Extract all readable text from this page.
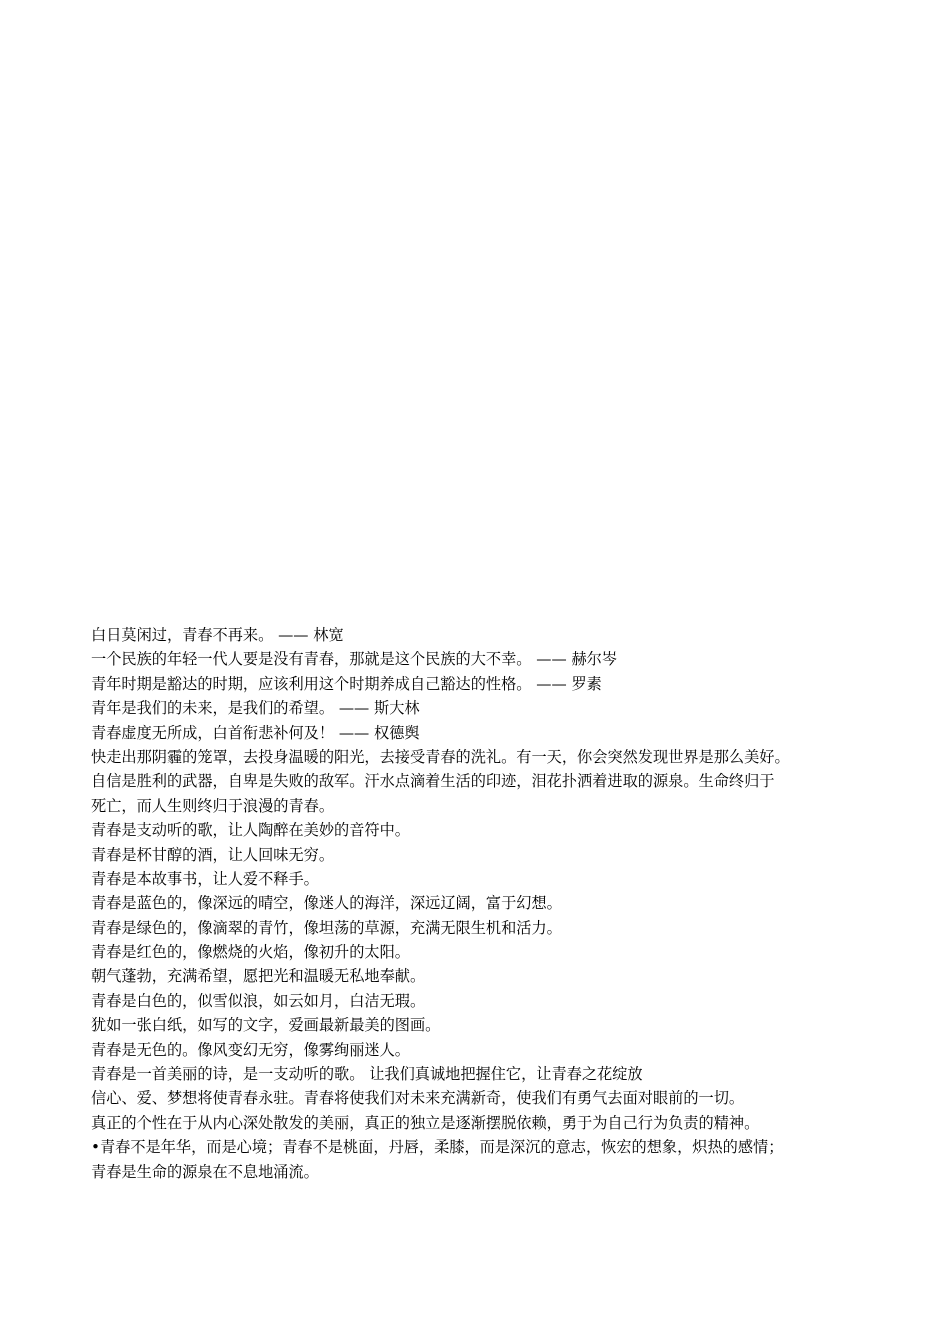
白日莫闲过，青春不再来。 —— 林宽

一个民族的年轻一代人要是没有青春，那就是这个民族的大不幸。 —— 赫尔岑

青年时期是豁达的时期，应该利用这个时期养成自己豁达的性格。 —— 罗素

青年是我们的未来，是我们的希望。 —— 斯大林

青春虚度无所成，白首衔悲补何及！ —— 权德舆

快走出那阴霾的笼罩，去投身温暖的阳光，去接受青春的洗礼。有一天，你会突然发现世界是那么美好。

自信是胜利的武器，自卑是失败的敌军。汗水点滴着生活的印迹，泪花扑洒着进取的源泉。生命终归于

死亡，而人生则终归于浪漫的青春。

青春是支动听的歌，让人陶醉在美妙的音符中。

青春是杯甘醇的酒，让人回味无穷。

青春是本故事书，让人爱不释手。

青春是蓝色的，像深远的晴空，像迷人的海洋，深远辽阔，富于幻想。

青春是绿色的，像滴翠的青竹，像坦荡的草源，充满无限生机和活力。

青春是红色的，像燃烧的火焰，像初升的太阳。

朝气蓬勃，充满希望，愿把光和温暖无私地奉献。

青春是白色的，似雪似浪，如云如月，白洁无瑕。

犹如一张白纸，如写的文字，爱画最新最美的图画。

青春是无色的。像风变幻无穷，像雾绚丽迷人。

青春是一首美丽的诗，是一支动听的歌。 让我们真诚地把握住它，让青春之花绽放

信心、爱、梦想将使青春永驻。青春将使我们对未来充满新奇，使我们有勇气去面对眼前的一切。

真正的个性在于从内心深处散发的美丽，真正的独立是逐渐摆脱依赖，勇于为自己行为负责的精神。

•青春不是年华，而是心境；青春不是桃面，丹唇，柔膝，而是深沉的意志，恢宏的想象，炽热的感情；

青春是生命的源泉在不息地涌流。
